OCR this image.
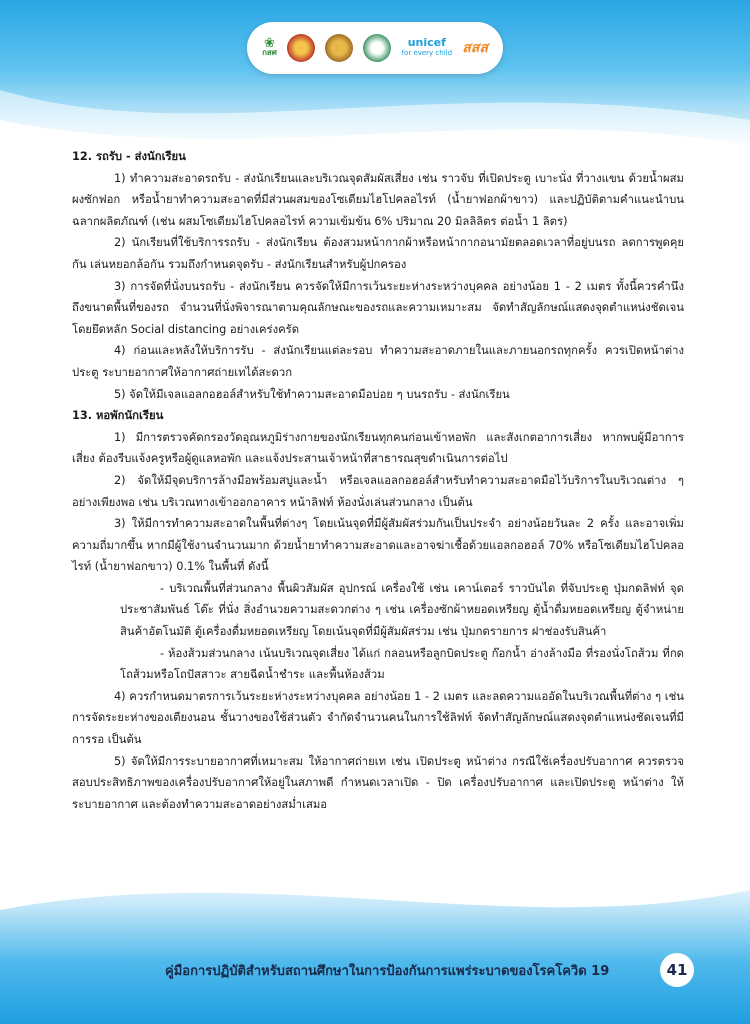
❀
กสศ
unicef
for every child สสส

12. รถรับ - ส่งนักเรียน

1) ทำความสะอาดรถรับ - ส่งนักเรียนและบริเวณจุดสัมผัสเสี่ยง เช่น ราวจับ ที่เปิดประตู เบาะนั่ง ที่วางแขน ด้วยน้ำผสมผงซักฟอก หรือน้ำยาทำความสะอาดที่มีส่วนผสมของโซเดียมไฮโปคลอไรท์ (น้ำยาฟอกผ้าขาว) และปฏิบัติตามคำแนะนำบนฉลากผลิตภัณฑ์ (เช่น ผสมโซเดียมไฮโปคลอไรท์ ความเข้มข้น 6% ปริมาณ 20 มิลลิลิตร ต่อน้ำ 1 ลิตร)

2) นักเรียนที่ใช้บริการรถรับ - ส่งนักเรียน ต้องสวมหน้ากากผ้าหรือหน้ากากอนามัยตลอดเวลาที่อยู่บนรถ ลดการพูดคุยกัน เล่นหยอกล้อกัน รวมถึงกำหนดจุดรับ - ส่งนักเรียนสำหรับผู้ปกครอง

3) การจัดที่นั่งบนรถรับ - ส่งนักเรียน ควรจัดให้มีการเว้นระยะห่างระหว่างบุคคล อย่างน้อย 1 - 2 เมตร ทั้งนี้ควรคำนึงถึงขนาดพื้นที่ของรถ จำนวนที่นั่งพิจารณาตามคุณลักษณะของรถและความเหมาะสม จัดทำสัญลักษณ์แสดงจุดตำแหน่งชัดเจน โดยยึดหลัก Social distancing อย่างเคร่งครัด

4) ก่อนและหลังให้บริการรับ - ส่งนักเรียนแต่ละรอบ ทำความสะอาดภายในและภายนอกรถทุกครั้ง ควรเปิดหน้าต่าง ประตู ระบายอากาศให้อากาศถ่ายเทได้สะดวก

5) จัดให้มีเจลแอลกอฮอล์สำหรับใช้ทำความสะอาดมือบ่อย ๆ บนรถรับ - ส่งนักเรียน

13. หอพักนักเรียน

1) มีการตรวจคัดกรองวัดอุณหภูมิร่างกายของนักเรียนทุกคนก่อนเข้าหอพัก และสังเกตอาการเสี่ยง หากพบผู้มีอาการเสี่ยง ต้องรีบแจ้งครูหรือผู้ดูแลหอพัก และแจ้งประสานเจ้าหน้าที่สาธารณสุขดำเนินการต่อไป

2) จัดให้มีจุดบริการล้างมือพร้อมสบู่และน้ำ หรือเจลแอลกอฮอล์สำหรับทำความสะอาดมือไว้บริการในบริเวณต่าง ๆ อย่างเพียงพอ เช่น บริเวณทางเข้าออกอาคาร หน้าลิฟท์ ห้องนั่งเล่นส่วนกลาง เป็นต้น

3) ให้มีการทำความสะอาดในพื้นที่ต่างๆ โดยเน้นจุดที่มีผู้สัมผัสร่วมกันเป็นประจำ อย่างน้อยวันละ 2 ครั้ง และอาจเพิ่มความถี่มากขึ้น หากมีผู้ใช้งานจำนวนมาก ด้วยน้ำยาทำความสะอาดและอาจฆ่าเชื้อด้วยแอลกอฮอล์ 70% หรือโซเดียมไฮโปคลอไรท์ (น้ำยาฟอกขาว) 0.1% ในพื้นที่ ดังนี้

- บริเวณพื้นที่ส่วนกลาง พื้นผิวสัมผัส อุปกรณ์ เครื่องใช้ เช่น เคาน์เตอร์ ราวบันได ที่จับประตู ปุ่มกดลิฟท์ จุดประชาสัมพันธ์ โต๊ะ ที่นั่ง สิ่งอำนวยความสะดวกต่าง ๆ เช่น เครื่องซักผ้าหยอดเหรียญ ตู้น้ำดื่มหยอดเหรียญ ตู้จำหน่ายสินค้าอัตโนมัติ ตู้เครื่องดื่มหยอดเหรียญ โดยเน้นจุดที่มีผู้สัมผัสร่วม เช่น ปุ่มกดรายการ ฝาช่องรับสินค้า

- ห้องส้วมส่วนกลาง เน้นบริเวณจุดเสี่ยง ได้แก่ กลอนหรือลูกบิดประตู ก๊อกน้ำ อ่างล้างมือ ที่รองนั่งโถส้วม ที่กดโถส้วมหรือโถปัสสาวะ สายฉีดน้ำชำระ และพื้นห้องส้วม

4) ควรกำหนดมาตรการเว้นระยะห่างระหว่างบุคคล อย่างน้อย 1 - 2 เมตร และลดความแออัดในบริเวณพื้นที่ต่าง ๆ เช่น การจัดระยะห่างของเตียงนอน ชั้นวางของใช้ส่วนตัว จำกัดจำนวนคนในการใช้ลิฟท์ จัดทำสัญลักษณ์แสดงจุดตำแหน่งชัดเจนที่มีการรอ เป็นต้น

5) จัดให้มีการระบายอากาศที่เหมาะสม ให้อากาศถ่ายเท เช่น เปิดประตู หน้าต่าง กรณีใช้เครื่องปรับอากาศ ควรตรวจสอบประสิทธิภาพของเครื่องปรับอากาศให้อยู่ในสภาพดี กำหนดเวลาเปิด - ปิด เครื่องปรับอากาศ และเปิดประตู หน้าต่าง ให้ระบายอากาศ และต้องทำความสะอาดอย่างสม่ำเสมอ

คู่มือการปฏิบัติสำหรับสถานศึกษาในการป้องกันการแพร่ระบาดของโรคโควิด 19	41
